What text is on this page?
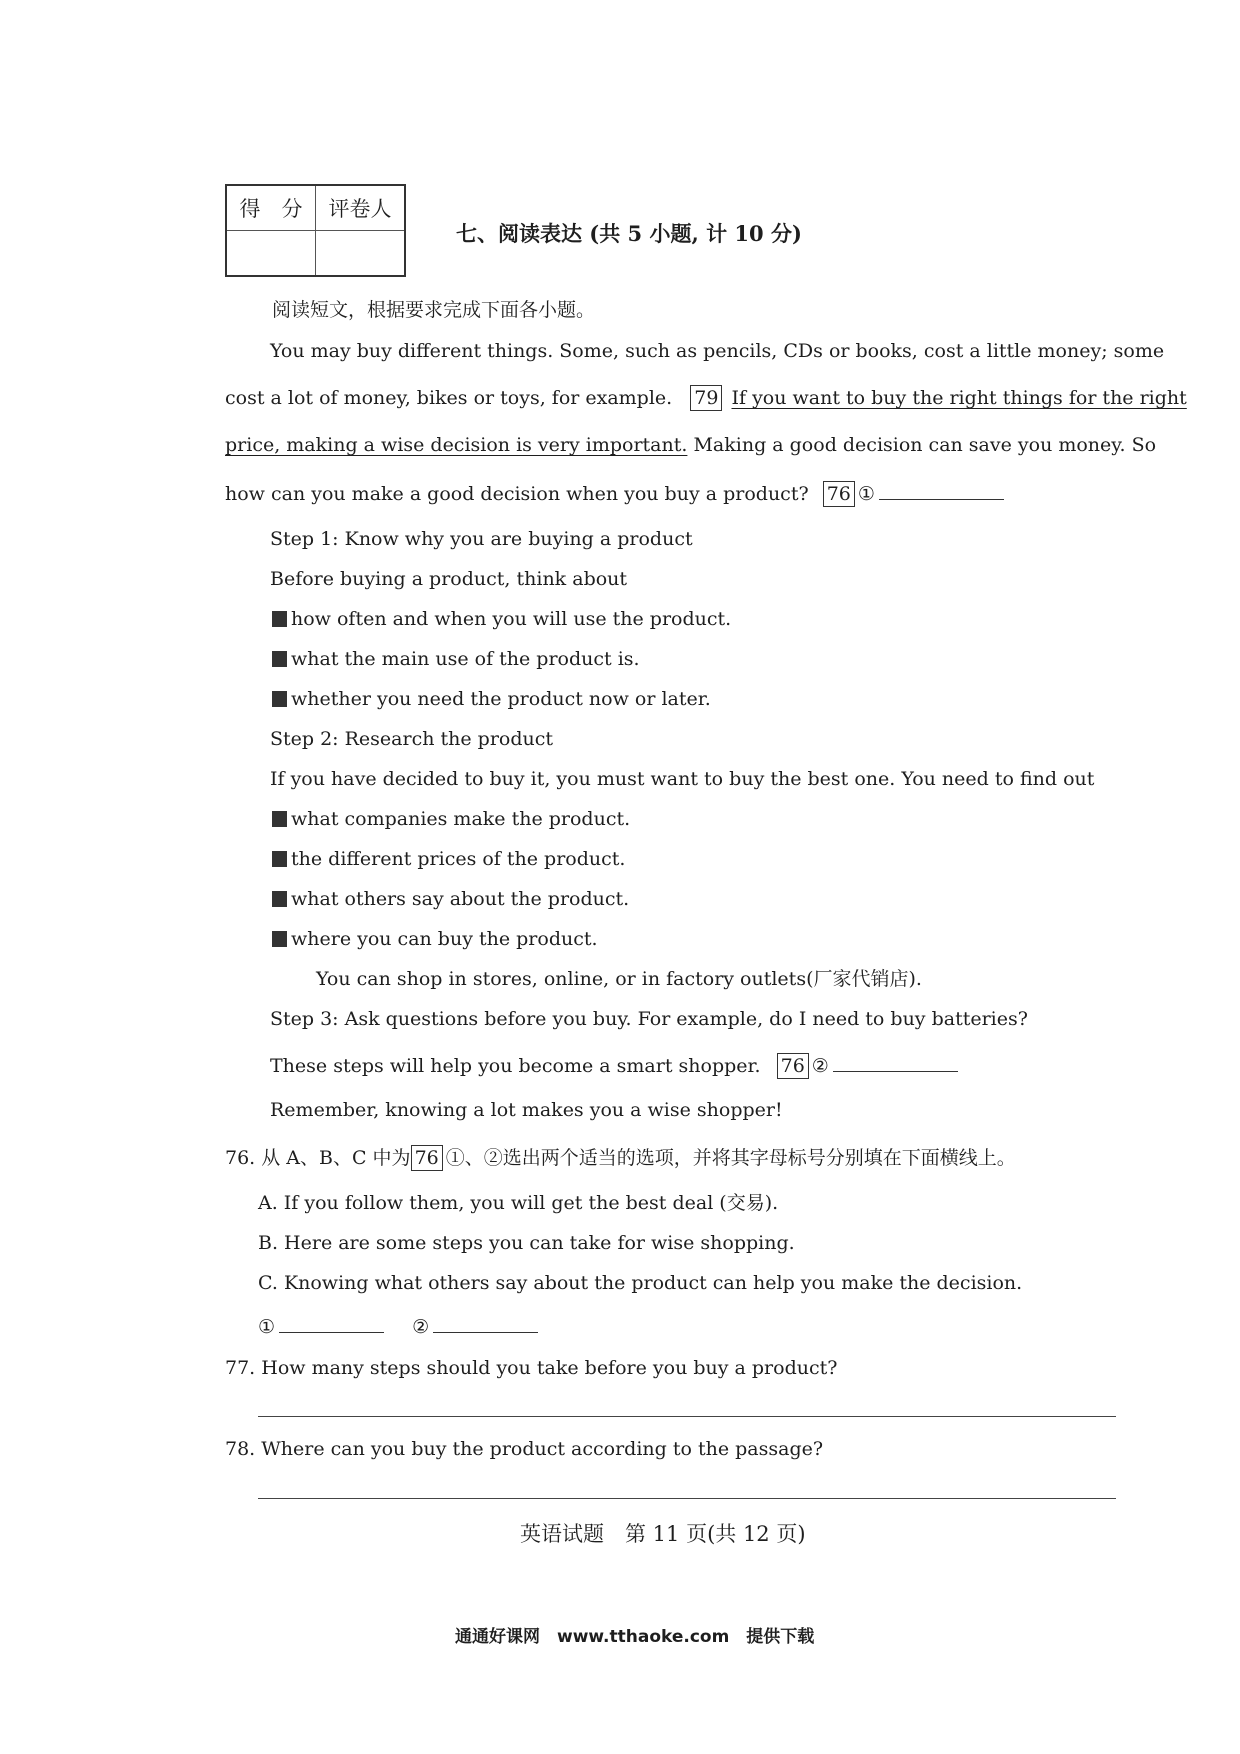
得　分	评卷人

七、阅读表达 (共 5 小题, 计 10 分)
阅读短文，根据要求完成下面各小题。
You may buy different things. Some, such as pencils, CDs or books, cost a little money; some
cost a lot of money, bikes or toys, for example. 79 If you want to buy the right things for the right
price, making a wise decision is very important. Making a good decision can save you money. So
how can you make a good decision when you buy a product? 76 ①
Step 1: Know why you are buying a product
Before buying a product, think about
how often and when you will use the product.
what the main use of the product is.
whether you need the product now or later.
Step 2: Research the product
If you have decided to buy it, you must want to buy the best one. You need to find out
what companies make the product.
the different prices of the product.
what others say about the product.
where you can buy the product.
You can shop in stores, online, or in factory outlets(厂家代销店).
Step 3: Ask questions before you buy. For example, do I need to buy batteries?
These steps will help you become a smart shopper. 76 ②
Remember, knowing a lot makes you a wise shopper!
76. 从 A、B、C 中为 76 ①、②选出两个适当的选项，并将其字母标号分别填在下面横线上。
A. If you follow them, you will get the best deal (交易).
B. Here are some steps you can take for wise shopping.
C. Knowing what others say about the product can help you make the decision.
①	②
77. How many steps should you take before you buy a product?
78. Where can you buy the product according to the passage?
英语试题　第 11 页(共 12 页)
通通好课网　www.tthaoke.com　提供下载
